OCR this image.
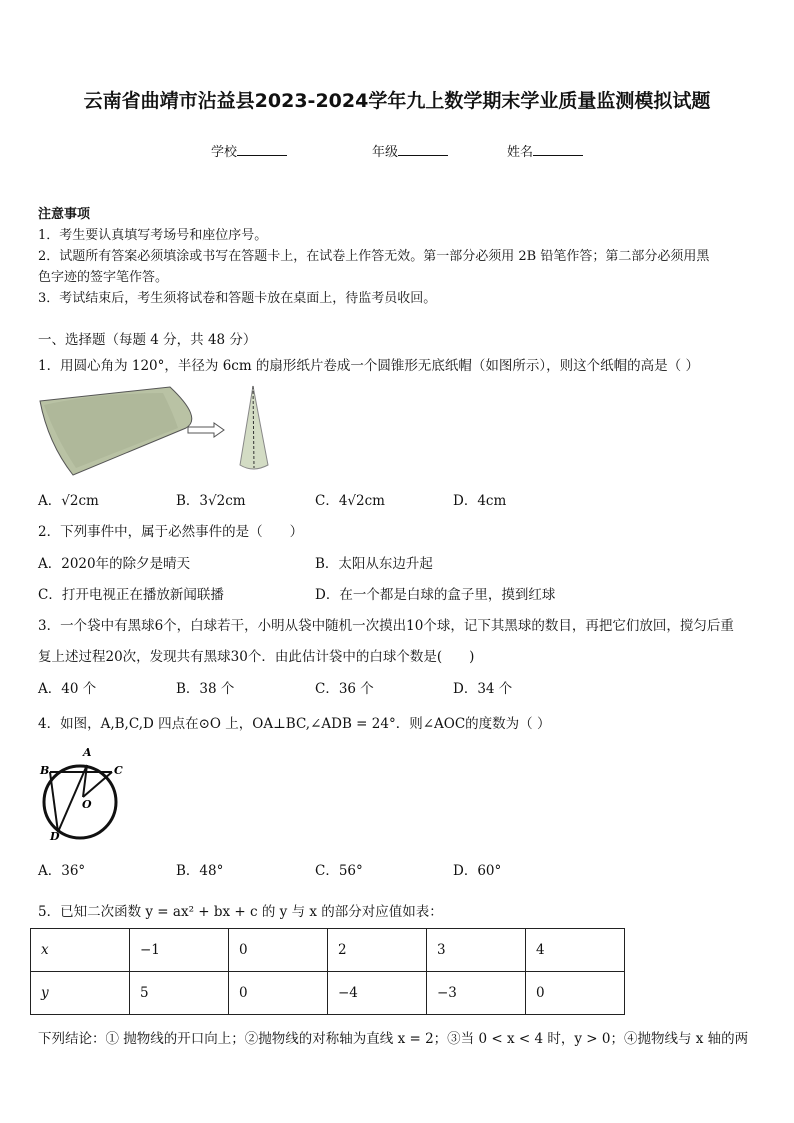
云南省曲靖市沾益县2023-2024学年九上数学期末学业质量监测模拟试题
学校	年级	姓名
注意事项
1．考生要认真填写考场号和座位序号。
2．试题所有答案必须填涂或书写在答题卡上，在试卷上作答无效。第一部分必须用 2B 铅笔作答；第二部分必须用黑
色字迹的签字笔作答。
3．考试结束后，考生须将试卷和答题卡放在桌面上，待监考员收回。
一、选择题（每题 4 分，共 48 分）
1．用圆心角为 120°，半径为 6cm 的扇形纸片卷成一个圆锥形无底纸帽（如图所示），则这个纸帽的高是（ ）
A．√2cm	B．3√2cm	C．4√2cm	D．4cm
2．下列事件中，属于必然事件的是（　　）
A．2020年的除夕是晴天	B．太阳从东边升起
C．打开电视正在播放新闻联播	D．在一个都是白球的盒子里，摸到红球
3．一个袋中有黑球6个，白球若干，小明从袋中随机一次摸出10个球，记下其黑球的数目，再把它们放回，搅匀后重
复上述过程20次，发现共有黑球30个．由此估计袋中的白球个数是(　　)
A．40 个	B．38 个	C．36 个	D．34 个
4．如图，A,B,C,D 四点在⊙O 上，OA⊥BC,∠ADB = 24°．则∠AOC的度数为（ ）
A
B	C
D
O
A．36°	B．48°	C．56°	D．60°
5．已知二次函数 y = ax² + bx + c 的 y 与 x 的部分对应值如表：
x	−1	0	2	3	4
y	5	0	−4	−3	0
下列结论：① 抛物线的开口向上；②抛物线的对称轴为直线 x = 2；③当 0 < x < 4 时，y > 0；④抛物线与 x 轴的两
